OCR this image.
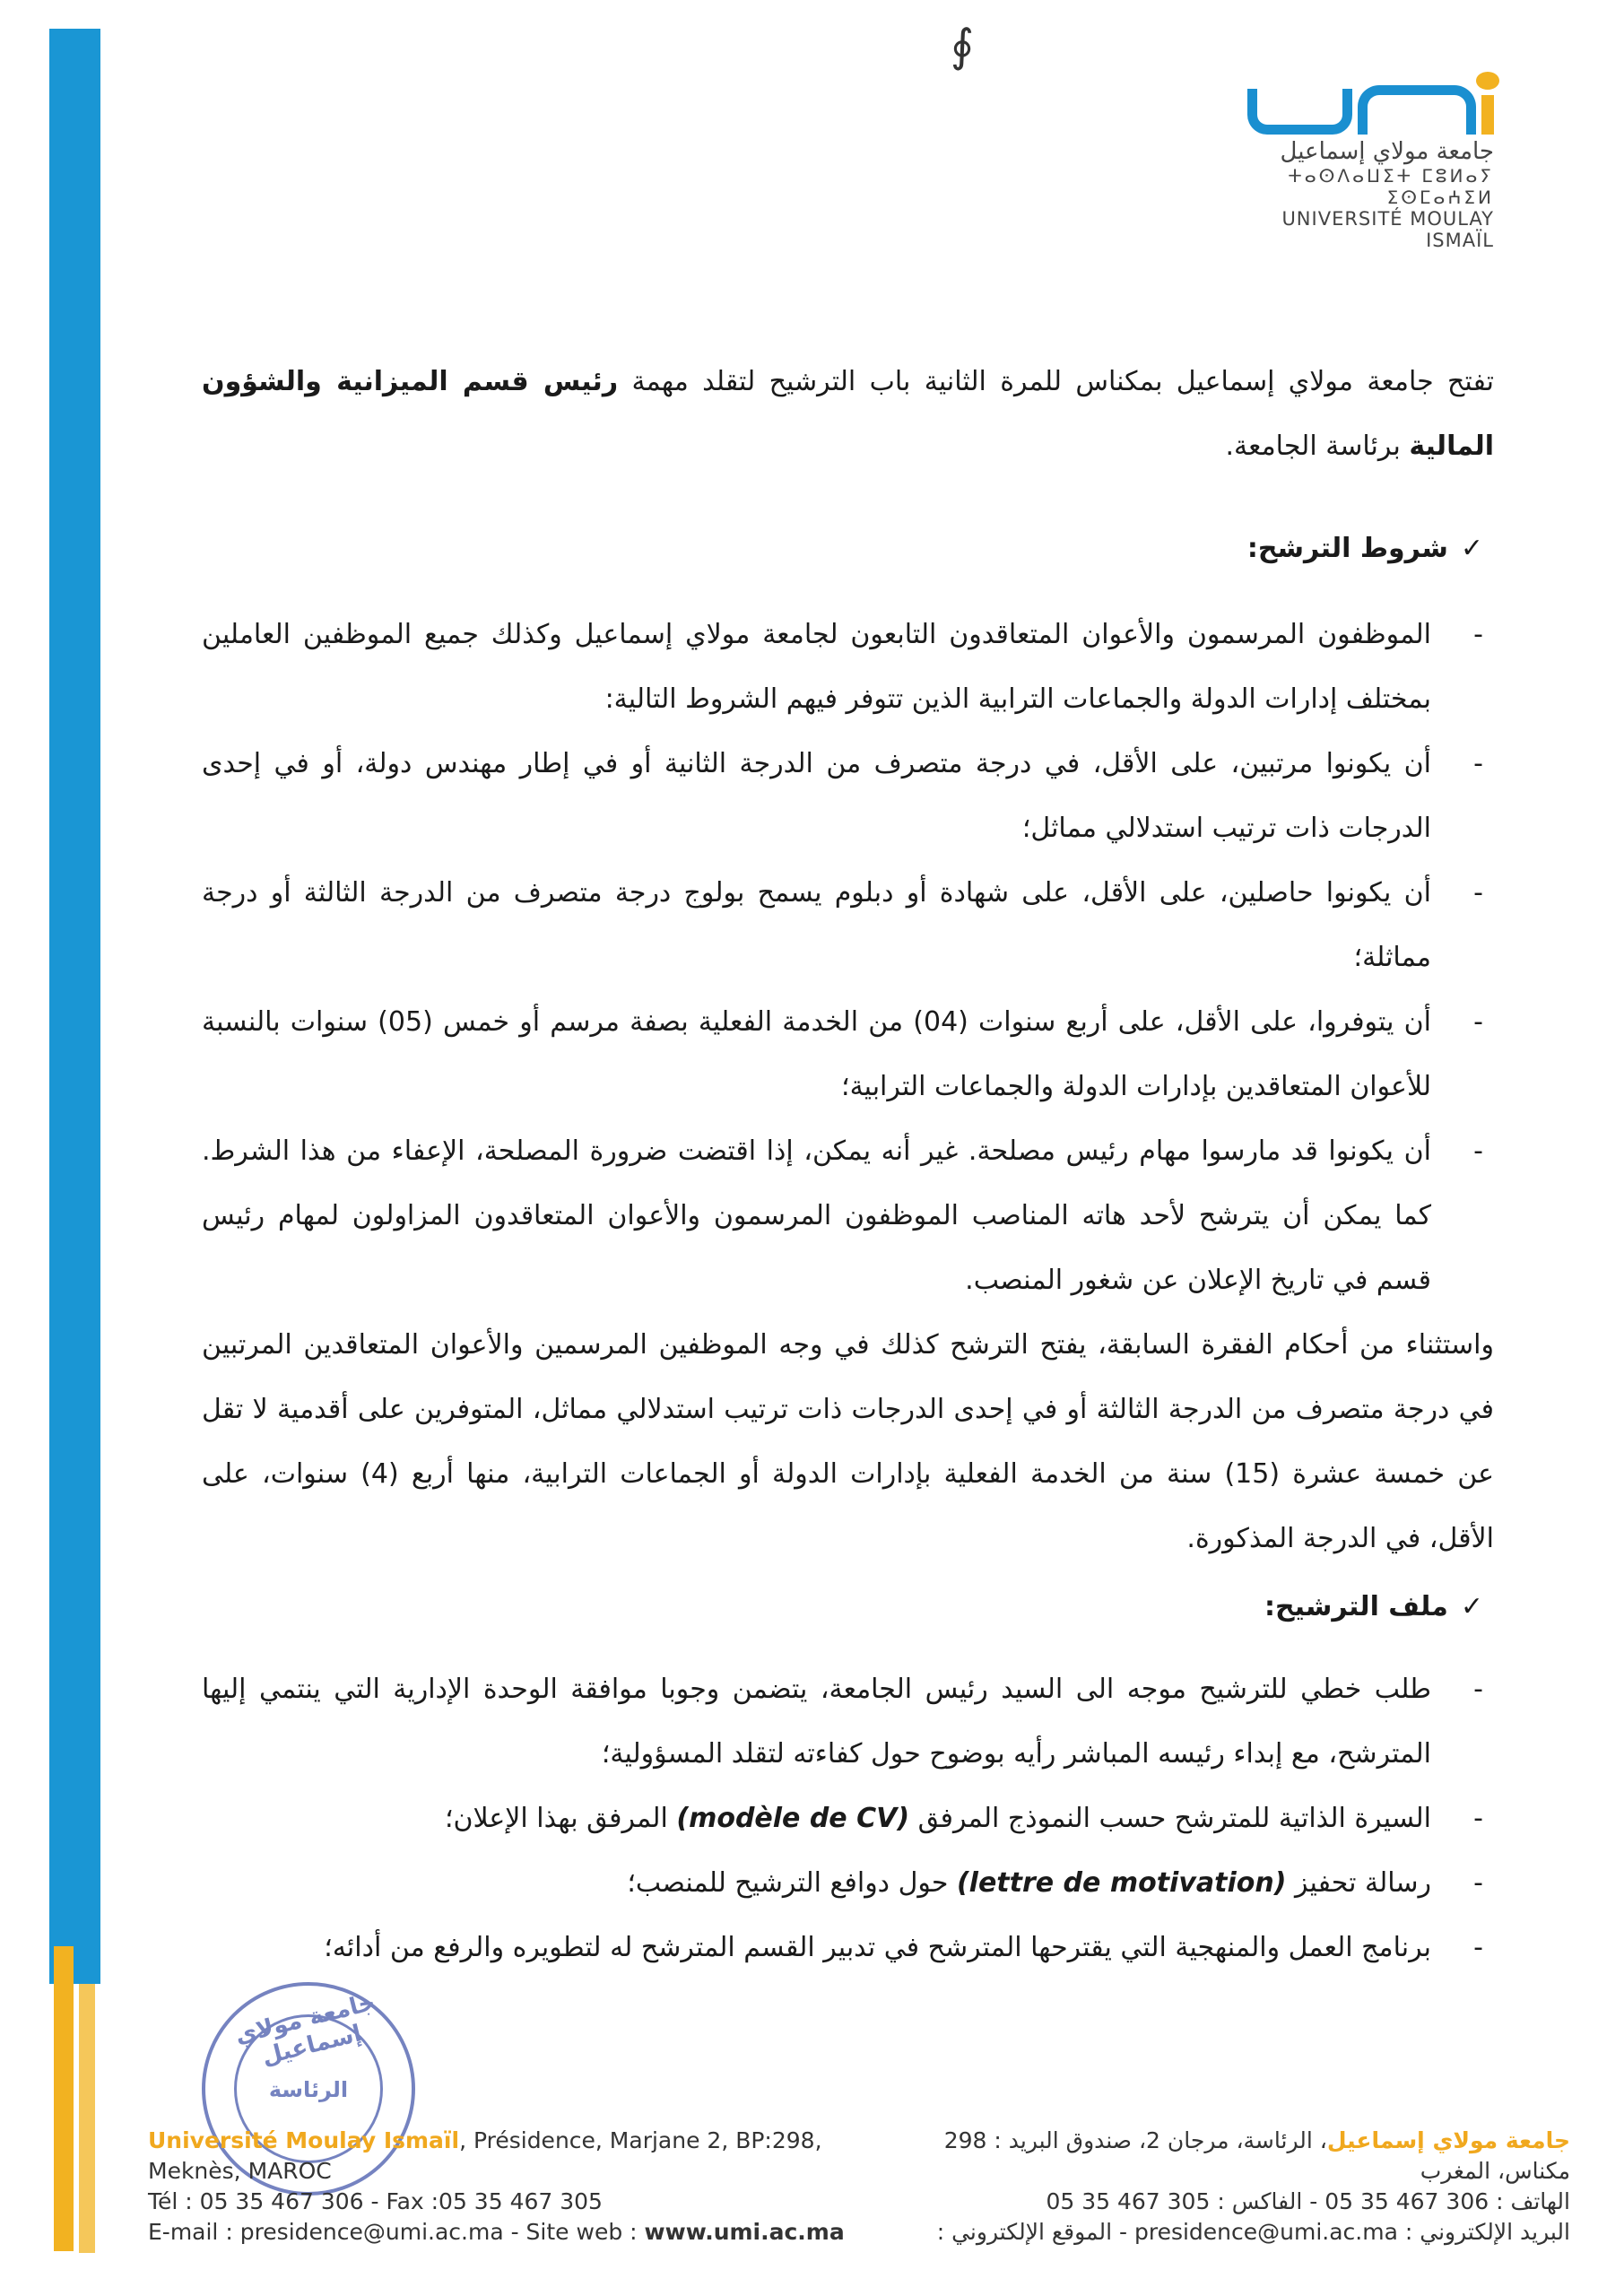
∮
جامعة مولاي إسماعيل
ⵜⴰⵙⴷⴰⵡⵉⵜ ⵎⵓⵍⴰⵢ ⵉⵙⵎⴰⵄⵉⵍ
UNIVERSITÉ MOULAY ISMAÏL

تفتح جامعة مولاي إسماعيل بمكناس للمرة الثانية باب الترشيح لتقلد مهمة رئيس قسم الميزانية والشؤون المالية برئاسة الجامعة.

✓شروط الترشح:

- الموظفون المرسمون والأعوان المتعاقدون التابعون لجامعة مولاي إسماعيل وكذلك جميع الموظفين العاملين بمختلف إدارات الدولة والجماعات الترابية الذين تتوفر فيهم الشروط التالية:
- أن يكونوا مرتبين، على الأقل، في درجة متصرف من الدرجة الثانية أو في إطار مهندس دولة، أو في إحدى الدرجات ذات ترتيب استدلالي مماثل؛
- أن يكونوا حاصلين، على الأقل، على شهادة أو دبلوم يسمح بولوج درجة متصرف من الدرجة الثالثة أو درجة مماثلة؛
- أن يتوفروا، على الأقل، على أربع سنوات (04) من الخدمة الفعلية بصفة مرسم أو خمس (05) سنوات بالنسبة للأعوان المتعاقدين بإدارات الدولة والجماعات الترابية؛
- أن يكونوا قد مارسوا مهام رئيس مصلحة. غير أنه يمكن، إذا اقتضت ضرورة المصلحة، الإعفاء من هذا الشرط. كما يمكن أن يترشح لأحد هاته المناصب الموظفون المرسمون والأعوان المتعاقدون المزاولون لمهام رئيس قسم في تاريخ الإعلان عن شغور المنصب.

واستثناء من أحكام الفقرة السابقة، يفتح الترشح كذلك في وجه الموظفين المرسمين والأعوان المتعاقدين المرتبين في درجة متصرف من الدرجة الثالثة أو في إحدى الدرجات ذات ترتيب استدلالي مماثل، المتوفرين على أقدمية لا تقل عن خمسة عشرة (15) سنة من الخدمة الفعلية بإدارات الدولة أو الجماعات الترابية، منها أربع (4) سنوات، على الأقل، في الدرجة المذكورة.

✓ملف الترشيح:

- طلب خطي للترشيح موجه الى السيد رئيس الجامعة، يتضمن وجوبا موافقة الوحدة الإدارية التي ينتمي إليها المترشح، مع إبداء رئيسه المباشر رأيه بوضوح حول كفاءته لتقلد المسؤولية؛
- السيرة الذاتية للمترشح حسب النموذج المرفق (modèle de CV) المرفق بهذا الإعلان؛
- رسالة تحفيز (lettre de motivation) حول دوافع الترشيح للمنصب؛
- برنامج العمل والمنهجية التي يقترحها المترشح في تدبير القسم المترشح له لتطويره والرفع من أدائه؛
جامعة مولاي إسماعيل
الرئاسة
Université Moulay Ismaïl, Présidence, Marjane 2, BP:298,
Meknès, MAROC
Tél : 05 35 467 306 - Fax :05 35 467 305
E-mail : presidence@umi.ac.ma - Site web : www.umi.ac.ma
جامعة مولاي إسماعيل، الرئاسة، مرجان 2، صندوق البريد : 298
مكناس، المغرب
الهاتف : 306 467 35 05 - الفاكس : 305 467 35 05
البريد الإلكتروني : presidence@umi.ac.ma - الموقع الإلكتروني :
